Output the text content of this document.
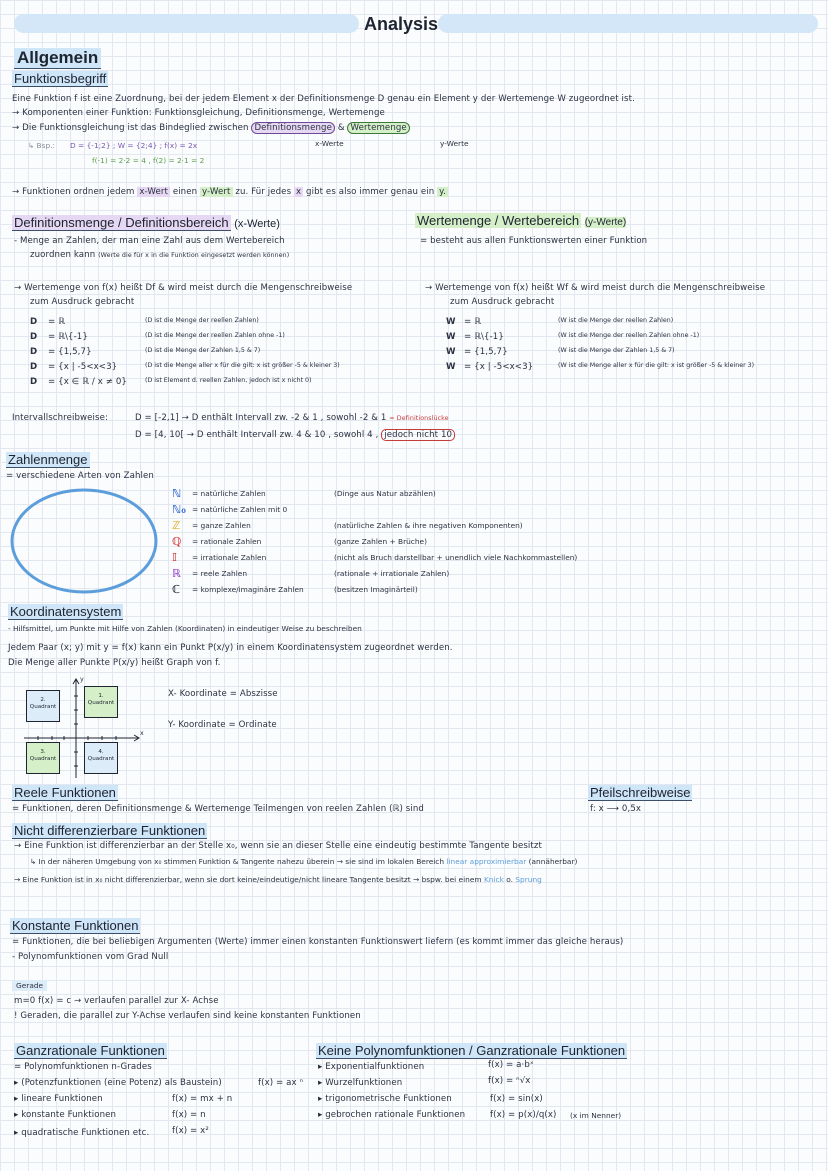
Analysis
Allgemein
Funktionsbegriff
Eine Funktion f ist eine Zuordnung, bei der jedem Element x der Definitionsmenge D genau ein Element y der Wertemenge W zugeordnet ist.
→ Komponenten einer Funktion: Funktionsgleichung, Definitionsmenge, Wertemenge
→ Die Funktionsgleichung ist das Bindeglied zwischen Definitionsmenge & Wertemenge
x-Werte	y-Werte
↳ Bsp.: D = {-1;2} ; W = {2;4} ; f(x) = 2x
f(-1) = 2·2 = 4 , f(2) = 2·1 = 2
→ Funktionen ordnen jedem x-Wert einen y-Wert zu. Für jedes x gibt es also immer genau ein y.
Definitionsmenge / Definitionsbereich (x-Werte)
- Menge an Zahlen, der man eine Zahl aus dem Wertebereich
zuordnen kann (Werte die für x in die Funktion eingesetzt werden können)
→ Wertemenge von f(x) heißt Df & wird meist durch die Mengenschreibweise
zum Ausdruck gebracht
D = ℝ	(D ist die Menge der reellen Zahlen)
D = ℝ\{-1}	(D ist die Menge der reellen Zahlen ohne -1)
D = {1,5,7}	(D ist die Menge der Zahlen 1,5 & 7)
D = {x | -5<x<3}	(D ist die Menge aller x für die gilt: x ist größer -5 & kleiner 3)
D = {x ∈ ℝ / x ≠ 0}	(D ist Element d. reellen Zahlen, jedoch ist x nicht 0)
Wertemenge / Wertebereich (y-Werte)
= besteht aus allen Funktionswerten einer Funktion
→ Wertemenge von f(x) heißt Wf & wird meist durch die Mengenschreibweise
zum Ausdruck gebracht
W = ℝ	(W ist die Menge der reellen Zahlen)
W = ℝ\{-1}	(W ist die Menge der reellen Zahlen ohne -1)
W = {1,5,7}	(W ist die Menge der Zahlen 1,5 & 7)
W = {x | -5<x<3}	(W ist die Menge aller x für die gilt: x ist größer -5 & kleiner 3)
Intervallschreibweise:	D = [-2,1] → D enthält Intervall zw. -2 & 1 , sowohl -2 & 1 = Definitionslücke
D = [4, 10[ → D enthält Intervall zw. 4 & 10 , sowohl 4 , jedoch nicht 10
Zahlenmenge
= verschiedene Arten von Zahlen
ℕ = natürliche Zahlen	(Dinge aus Natur abzählen)
ℕ₀ = natürliche Zahlen mit 0
ℤ = ganze Zahlen	(natürliche Zahlen & ihre negativen Komponenten)
ℚ = rationale Zahlen	(ganze Zahlen + Brüche)
𝕀 = irrationale Zahlen	(nicht als Bruch darstellbar + unendlich viele Nachkommastellen)
ℝ = reele Zahlen	(rationale + irrationale Zahlen)
ℂ = komplexe/imaginäre Zahlen	(besitzen Imaginärteil)
Koordinatensystem
- Hilfsmittel, um Punkte mit Hilfe von Zahlen (Koordinaten) in eindeutiger Weise zu beschreiben
Jedem Paar (x; y) mit y = f(x) kann ein Punkt P(x/y) in einem Koordinatensystem zugeordnet werden.
Die Menge aller Punkte P(x/y) heißt Graph von f.
y
x
2. Quadrant
1. Quadrant
3. Quadrant
4. Quadrant
X- Koordinate = Abszisse
Y- Koordinate = Ordinate
Reele Funktionen
= Funktionen, deren Definitionsmenge & Wertemenge Teilmengen von reelen Zahlen (ℝ) sind
Pfeilschreibweise
f: x ⟶ 0,5x
Nicht differenzierbare Funktionen
→ Eine Funktion ist differenzierbar an der Stelle x₀, wenn sie an dieser Stelle eine eindeutig bestimmte Tangente besitzt
↳ In der näheren Umgebung von x₀ stimmen Funktion & Tangente nahezu überein → sie sind im lokalen Bereich linear approximierbar (annäherbar)
→ Eine Funktion ist in x₀ nicht differenzierbar, wenn sie dort keine/eindeutige/nicht lineare Tangente besitzt → bspw. bei einem Knick o. Sprung
Konstante Funktionen
= Funktionen, die bei beliebigen Argumenten (Werte) immer einen konstanten Funktionswert liefern (es kommt immer das gleiche heraus)
- Polynomfunktionen vom Grad Null
Gerade
m=0 f(x) = c → verlaufen parallel zur X- Achse
! Geraden, die parallel zur Y-Achse verlaufen sind keine konstanten Funktionen
Ganzrationale Funktionen
= Polynomfunktionen n-Grades
▸ (Potenzfunktionen (eine Potenz) als Baustein)	f(x) = ax ⁿ
▸ lineare Funktionen	f(x) = mx + n
▸ konstante Funktionen	f(x) = n
▸ quadratische Funktionen etc.	f(x) = x²
Keine Polynomfunktionen / Ganzrationale Funktionen
▸ Exponentialfunktionen	f(x) = a·bˣ
▸ Wurzelfunktionen	f(x) = ⁿ√x
▸ trigonometrische Funktionen	f(x) = sin(x)
▸ gebrochen rationale Funktionen	f(x) = p(x)/q(x) (x im Nenner)
